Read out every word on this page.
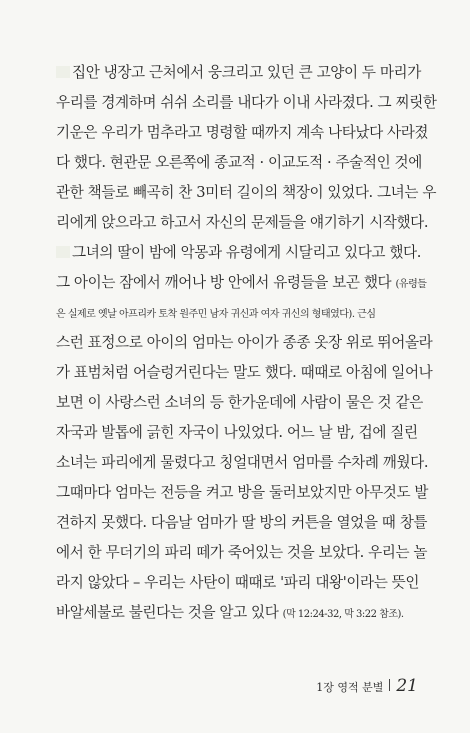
집안 냉장고 근처에서 웅크리고 있던 큰 고양이 두 마리가
우리를 경계하며 쉬쉬 소리를 내다가 이내 사라졌다. 그 찌릿한
기운은 우리가 멈추라고 명령할 때까지 계속 나타났다 사라졌
다 했다. 현관문 오른쪽에 종교적 · 이교도적 · 주술적인 것에
관한 책들로 빼곡히 찬 3미터 길이의 책장이 있었다. 그녀는 우
리에게 앉으라고 하고서 자신의 문제들을 얘기하기 시작했다.
그녀의 딸이 밤에 악몽과 유령에게 시달리고 있다고 했다.
그 아이는 잠에서 깨어나 방 안에서 유령들을 보곤 했다 (유령들
은 실제로 옛날 아프리카 토착 원주민 남자 귀신과 여자 귀신의 형태였다). 근심
스런 표정으로 아이의 엄마는 아이가 종종 옷장 위로 뛰어올라
가 표범처럼 어슬렁거린다는 말도 했다. 때때로 아침에 일어나
보면 이 사랑스런 소녀의 등 한가운데에 사람이 물은 것 같은
자국과 발톱에 긁힌 자국이 나있었다. 어느 날 밤, 겁에 질린
소녀는 파리에게 물렸다고 칭얼대면서 엄마를 수차례 깨웠다.
그때마다 엄마는 전등을 켜고 방을 둘러보았지만 아무것도 발
견하지 못했다. 다음날 엄마가 딸 방의 커튼을 열었을 때 창틀
에서 한 무더기의 파리 떼가 죽어있는 것을 보았다. 우리는 놀
라지 않았다 – 우리는 사탄이 때때로 '파리 대왕'이라는 뜻인
바알세불로 불린다는 것을 알고 있다 (막 12:24-32, 막 3:22 참조).
1장 영적 분별 21
